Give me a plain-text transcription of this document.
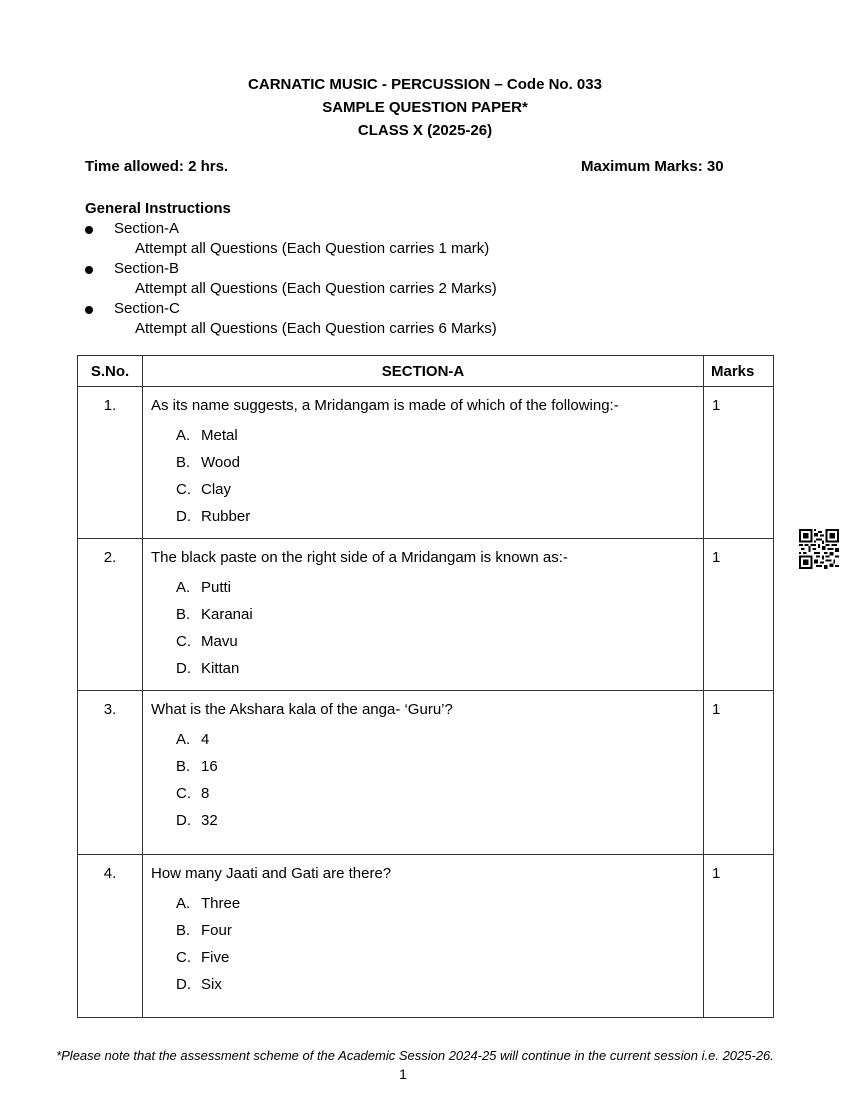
CARNATIC MUSIC - PERCUSSION – Code No. 033
SAMPLE QUESTION PAPER*
CLASS X (2025-26)
Time allowed: 2 hrs.	Maximum Marks: 30
General Instructions
Section-A
Attempt all Questions (Each Question carries 1 mark)
Section-B
Attempt all Questions (Each Question carries 2 Marks)
Section-C
Attempt all Questions (Each Question carries 6 Marks)
S.No.	SECTION-A	Marks
1.	As its name suggests, a Mridangam is made of which of the following:-
A. Metal
B. Wood
C. Clay
D. Rubber	1
2.	The black paste on the right side of a Mridangam is known as:-
A. Putti
B. Karanai
C. Mavu
D. Kittan	1
3.	What is the Akshara kala of the anga- ‘Guru’?
A. 4
B. 16
C. 8
D. 32	1
4.	How many Jaati and Gati are there?
A. Three
B. Four
C. Five
D. Six	1
*Please note that the assessment scheme of the Academic Session 2024-25 will continue in the current session i.e. 2025-26.
1
